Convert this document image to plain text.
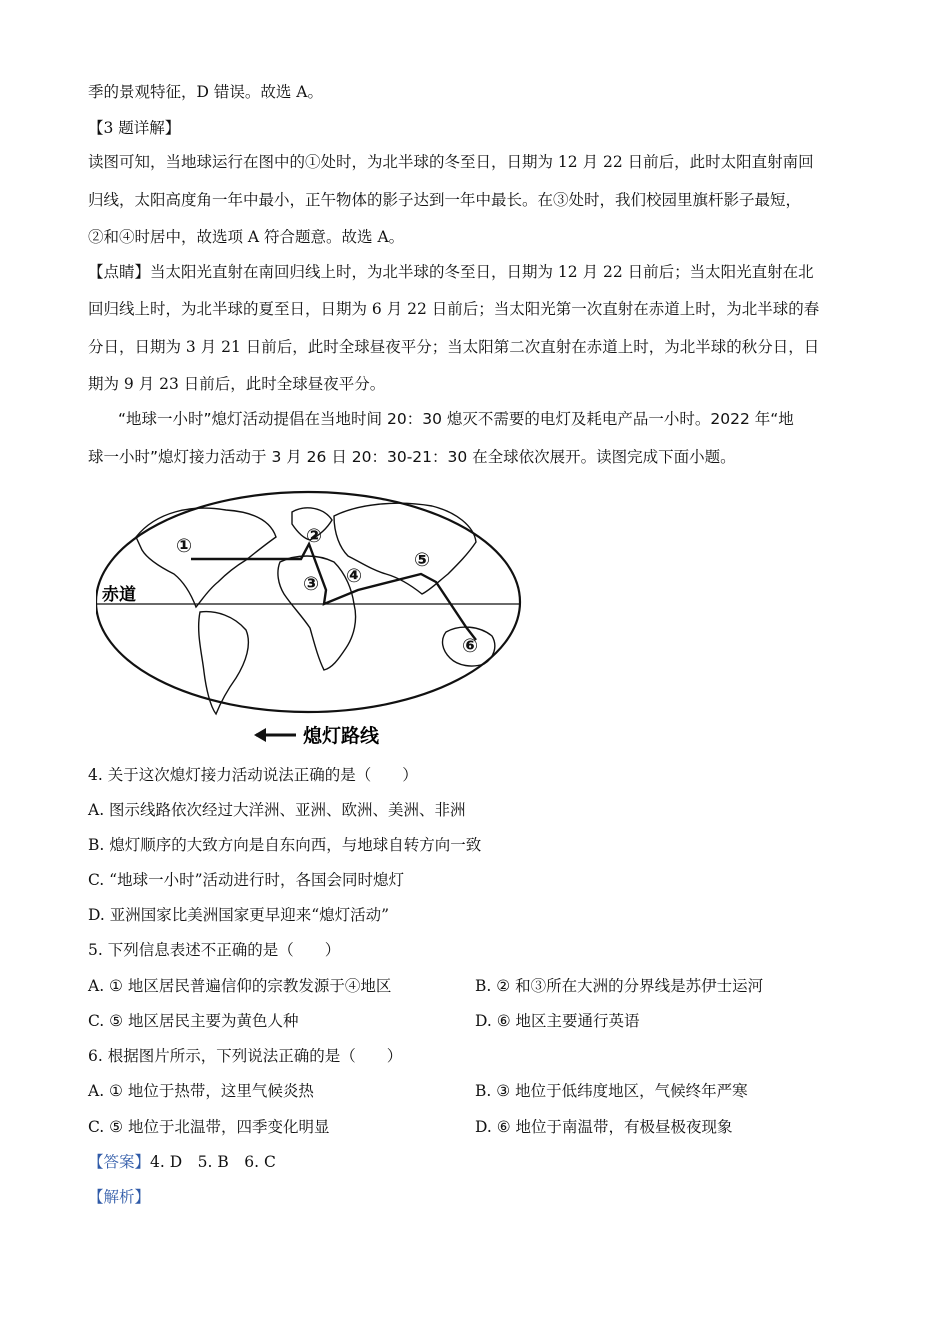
季的景观特征，D 错误。故选 A。
【3 题详解】
读图可知，当地球运行在图中的①处时，为北半球的冬至日，日期为 12 月 22 日前后，此时太阳直射南回
归线，太阳高度角一年中最小，正午物体的影子达到一年中最长。在③处时，我们校园里旗杆影子最短，
②和④时居中，故选项 A 符合题意。故选 A。
【点睛】当太阳光直射在南回归线上时，为北半球的冬至日，日期为 12 月 22 日前后；当太阳光直射在北
回归线上时，为北半球的夏至日，日期为 6 月 22 日前后；当太阳光第一次直射在赤道上时，为北半球的春
分日，日期为 3 月 21 日前后，此时全球昼夜平分；当太阳第二次直射在赤道上时，为北半球的秋分日，日
期为 9 月 23 日前后，此时全球昼夜平分。
“地球一小时”熄灯活动提倡在当地时间 20：30 熄灭不需要的电灯及耗电产品一小时。2022 年“地
球一小时”熄灯接力活动于 3 月 26 日 20：30-21：30 在全球依次展开。读图完成下面小题。
赤道
①	②
③ ④
⑤
⑥
熄灯路线
4. 关于这次熄灯接力活动说法正确的是（　　）
A. 图示线路依次经过大洋洲、亚洲、欧洲、美洲、非洲
B. 熄灯顺序的大致方向是自东向西，与地球自转方向一致
C. “地球一小时”活动进行时，各国会同时熄灯
D. 亚洲国家比美洲国家更早迎来“熄灯活动”
5. 下列信息表述不正确的是（　　）
A. ① 地区居民普遍信仰的宗教发源于④地区	B. ② 和③所在大洲的分界线是苏伊士运河
C. ⑤ 地区居民主要为黄色人种	D. ⑥ 地区主要通行英语
6. 根据图片所示，下列说法正确的是（　　）
A. ① 地位于热带，这里气候炎热	B. ③ 地位于低纬度地区，气候终年严寒
C. ⑤ 地位于北温带，四季变化明显	D. ⑥ 地位于南温带，有极昼极夜现象
【答案】4. D　5. B　6. C
【解析】
